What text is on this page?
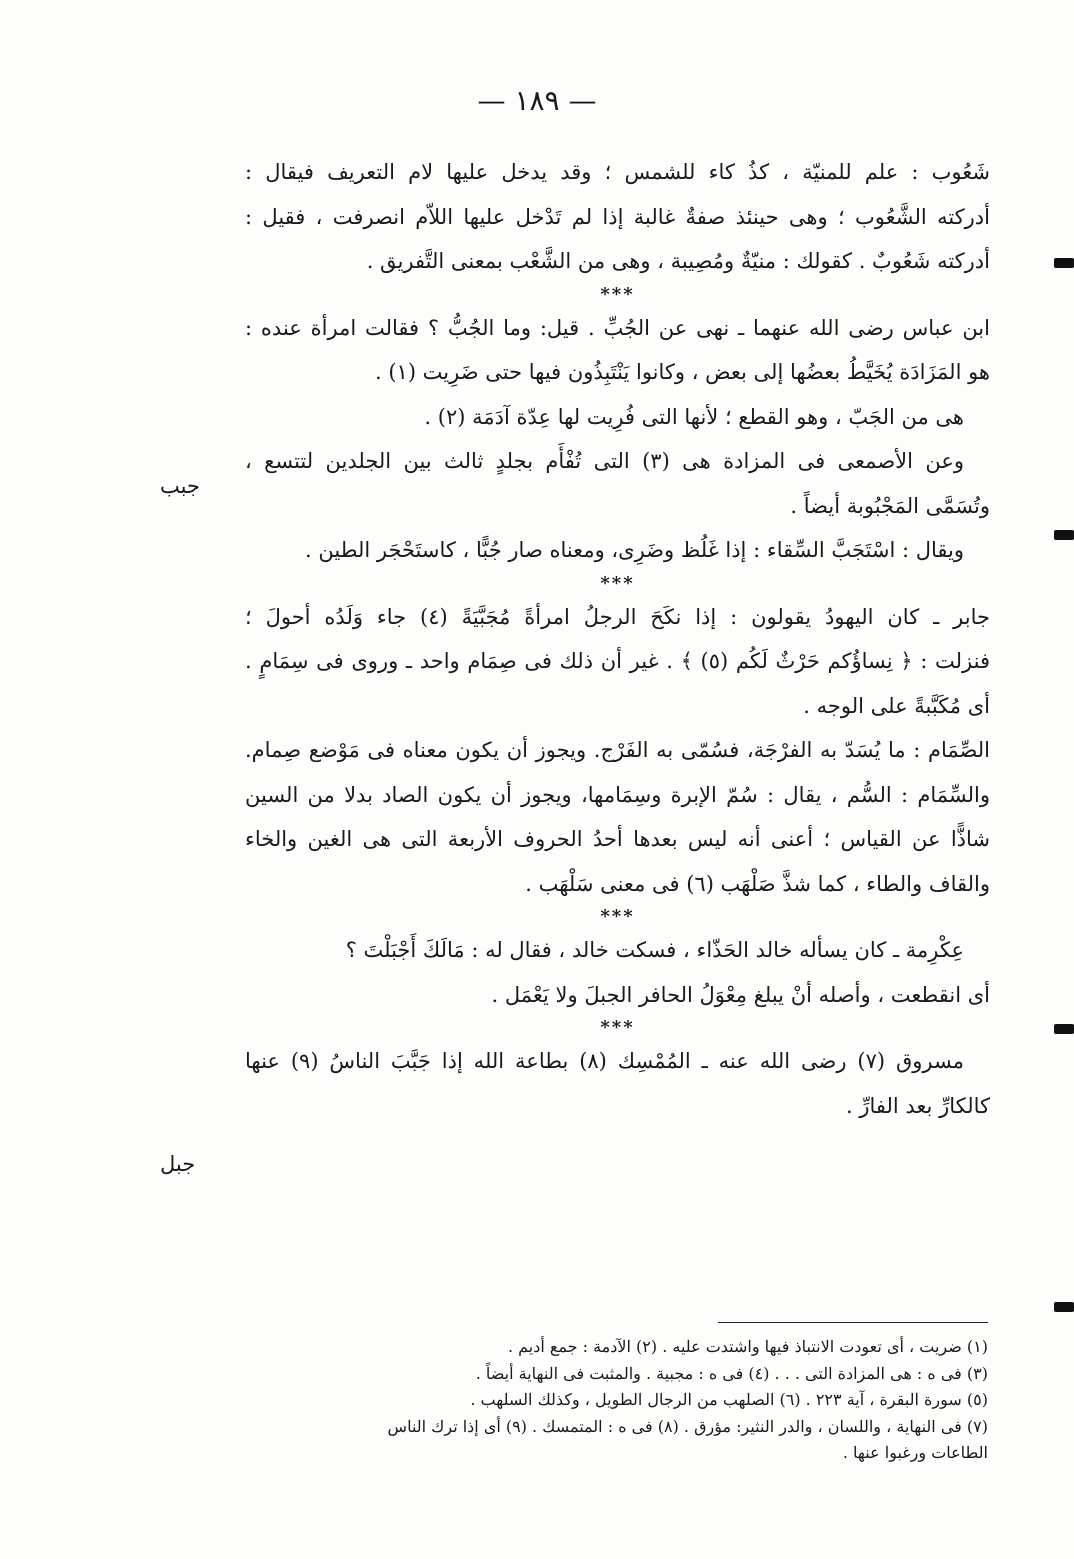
— ١٨٩ —
شَعُوب : علم للمنيّة ، كذُ كاء للشمس ؛ وقد يدخل عليها لام التعريف فيقال :
أدركته الشَّعُوب ؛ وهى حينئذ صفةٌ غالبة إذا لم تَدْخل عليها اللاّم انصرفت ، فقيل :
أدركته شَعُوبٌ . كقولك : منيّةٌ ومُصِيبة ، وهى من الشَّعْب بمعنى التَّفريق .
***
ابن عباس رضى الله عنهما ـ نهى عن الجُبِّ . قيل: وما الجُبُّ ؟ فقالت امرأة عنده :
هو المَزَادَة يُخَيَّطُ بعضُها إلى بعض ، وكانوا يَنْتَبِذُون فيها حتى ضَرِيت (١) .
هى من الجَبّ ، وهو القطع ؛ لأنها التى فُرِيت لها عِدّة آدَمَة (٢) .
وعن الأصمعى فى المزادة هى (٣) التى تُفْأَم بجلدٍ ثالث بين الجلدين لتتسع ،
وتُسَمَّى المَجْبُوبة أيضاً .
ويقال : اسْتَجَبَّ السِّقاء : إذا غَلُظ وضَرِى، ومعناه صار جُبًّا ، كاستَحْجَر الطين .
***
جابر ـ كان اليهودُ يقولون : إذا نكَحَ الرجلُ امرأةً مُجَبَّيَةً (٤) جاء وَلَدُه أحولَ ؛
فنزلت : ﴿ نِساؤُكم حَرْثٌ لَكُم (٥) ﴾ . غير أن ذلك فى صِمَام واحد ـ وروى فى سِمَامٍ .
أى مُكَبَّبةً على الوجه .
الصِّمَام : ما يُسَدّ به الفرْجَة، فسُمّى به الفَرْج. ويجوز أن يكون معناه فى مَوْضع صِمام.
والسِّمَام : السُّم ، يقال : سُمّ الإبرة وسِمَامها، ويجوز أن يكون الصاد بدلا من السين
شاذًّا عن القياس ؛ أعنى أنه ليس بعدها أحدُ الحروف الأربعة التى هى الغين والخاء
والقاف والطاء ، كما شذَّ صَلْهَب (٦) فى معنى سَلْهَب .
***
عِكْرِمة ـ كان يسأله خالد الحَذّاء ، فسكت خالد ، فقال له : مَالَكَ أَجْبَلْتَ ؟
أى انقطعت ، وأصله أنْ يبلغ مِعْوَلُ الحافر الجبلَ ولا يَعْمَل .
***
مسروق (٧) رضى الله عنه ـ المُمْسِك (٨) بطاعة الله إذا جَبَّبَ الناسُ (٩) عنها
كالكارِّ بعد الفارِّ .
جبب
جبل
(١) ضريت ، أى تعودت الانتباذ فيها واشتدت عليه . (٢) الآدمة : جمع أديم .
(٣) فى ه : هى المزادة التى . . . (٤) فى ه : مجبية . والمثبت فى النهاية أيضاً .
(٥) سورة البقرة ، آية ٢٢٣ . (٦) الصلهب من الرجال الطويل ، وكذلك السلهب .
(٧) فى النهاية ، واللسان ، والدر النثير: مؤرق . (٨) فى ه : المتمسك . (٩) أى إذا ترك الناس
الطاعات ورغبوا عنها .
